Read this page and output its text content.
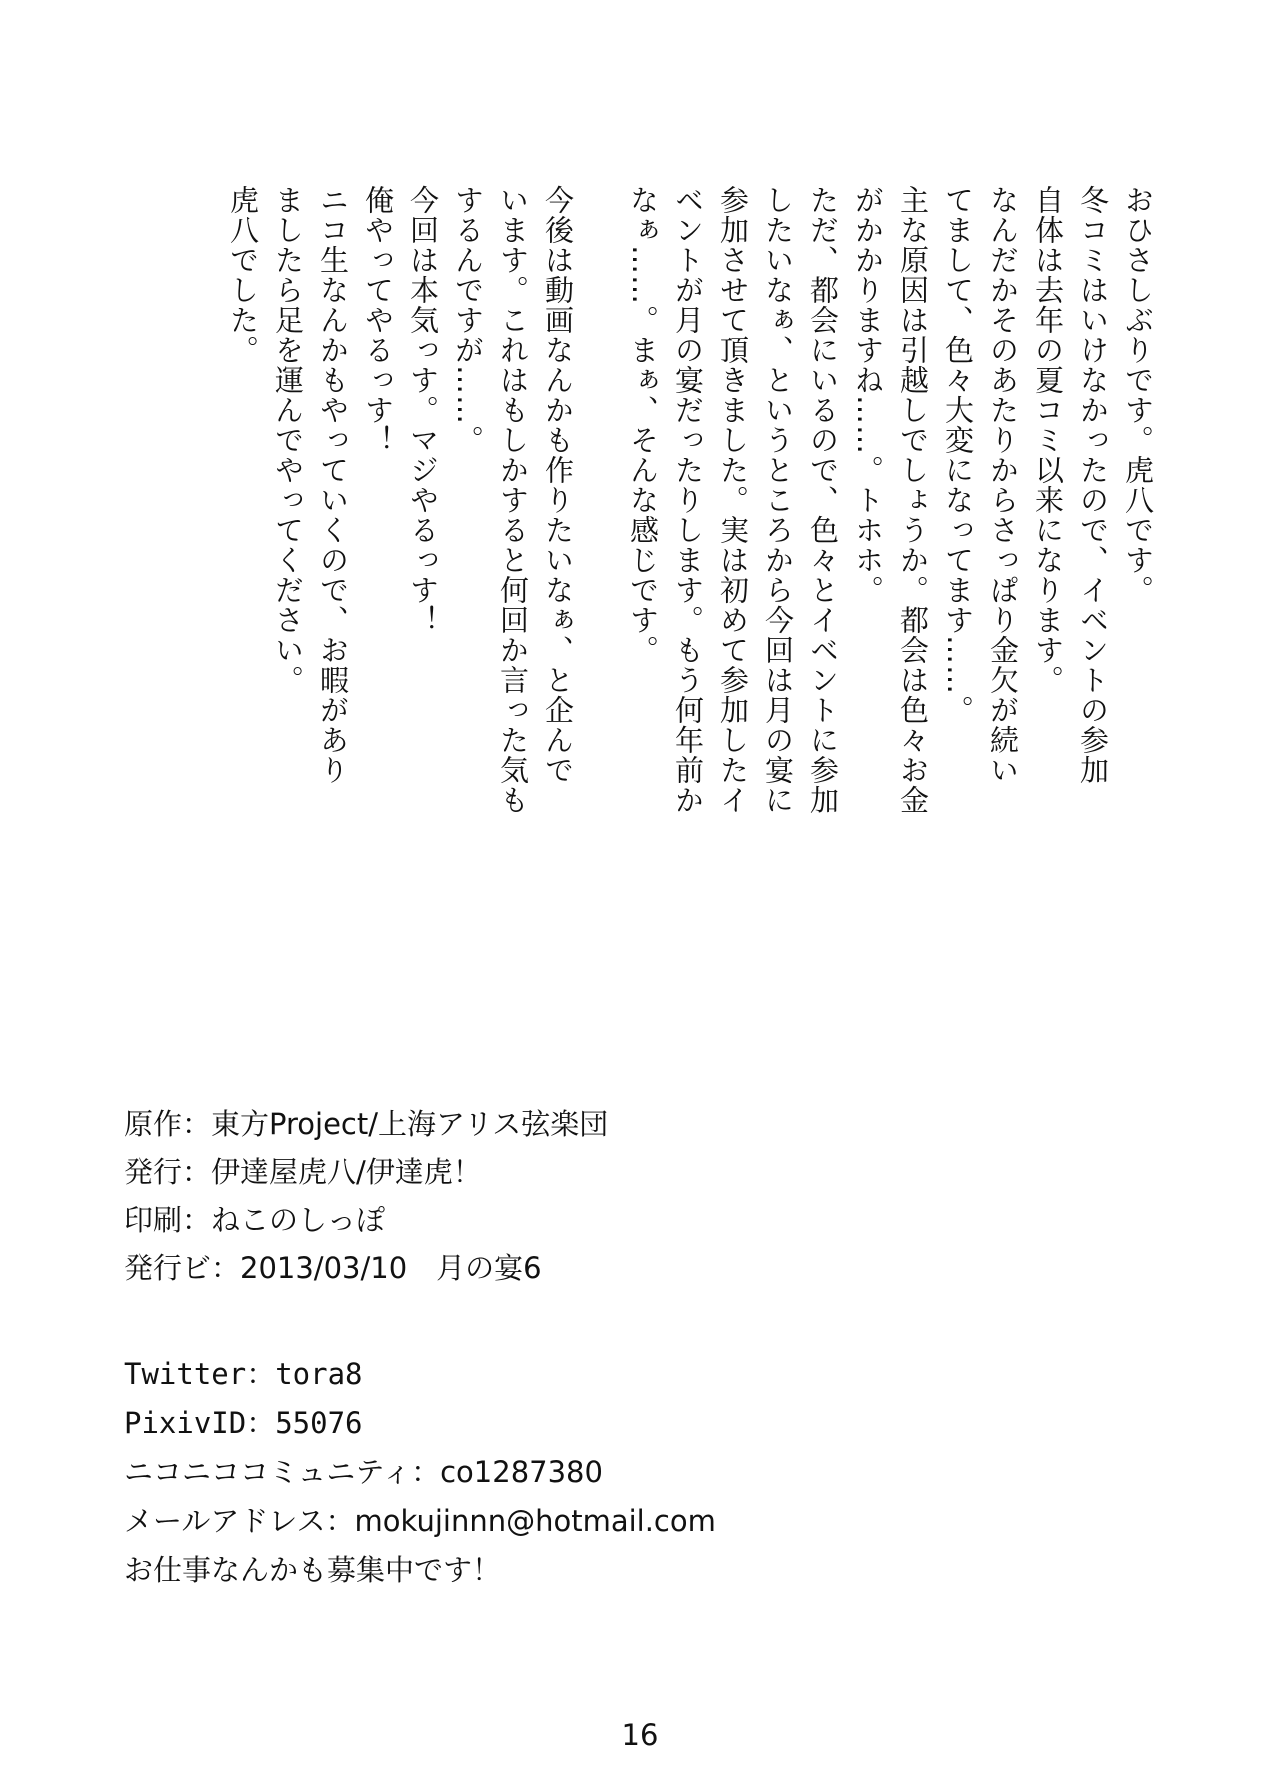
おひさしぶりです。虎八です。
冬コミはいけなかったので、イベントの参加
自体は去年の夏コミ以来になります。
なんだかそのあたりからさっぱり金欠が続い
てまして、色々大変になってます……。
主な原因は引越しでしょうか。都会は色々お金
がかかりますね……。トホホ。
ただ、都会にいるので、色々とイベントに参加
したいなぁ、というところから今回は月の宴に
参加させて頂きました。実は初めて参加したイ
ベントが月の宴だったりします。もう何年前か
なぁ……。まぁ、そんな感じです。
今後は動画なんかも作りたいなぁ、と企んで
います。これはもしかすると何回か言った気も
するんですが……。
今回は本気っす。マジやるっす！
俺やってやるっす！
ニコ生なんかもやっていくので、お暇があり
ましたら足を運んでやってください。
虎八でした。
原作：東方Project/上海アリス弦楽団
発行：伊達屋虎八/伊達虎！
印刷：ねこのしっぽ
発行ビ：2013/03/10　月の宴6
Twitter：tora8
PixivID：55076
ニコニココミュニティ：co1287380
メールアドレス：mokujinnn@hotmail.com
お仕事なんかも募集中です！
16
